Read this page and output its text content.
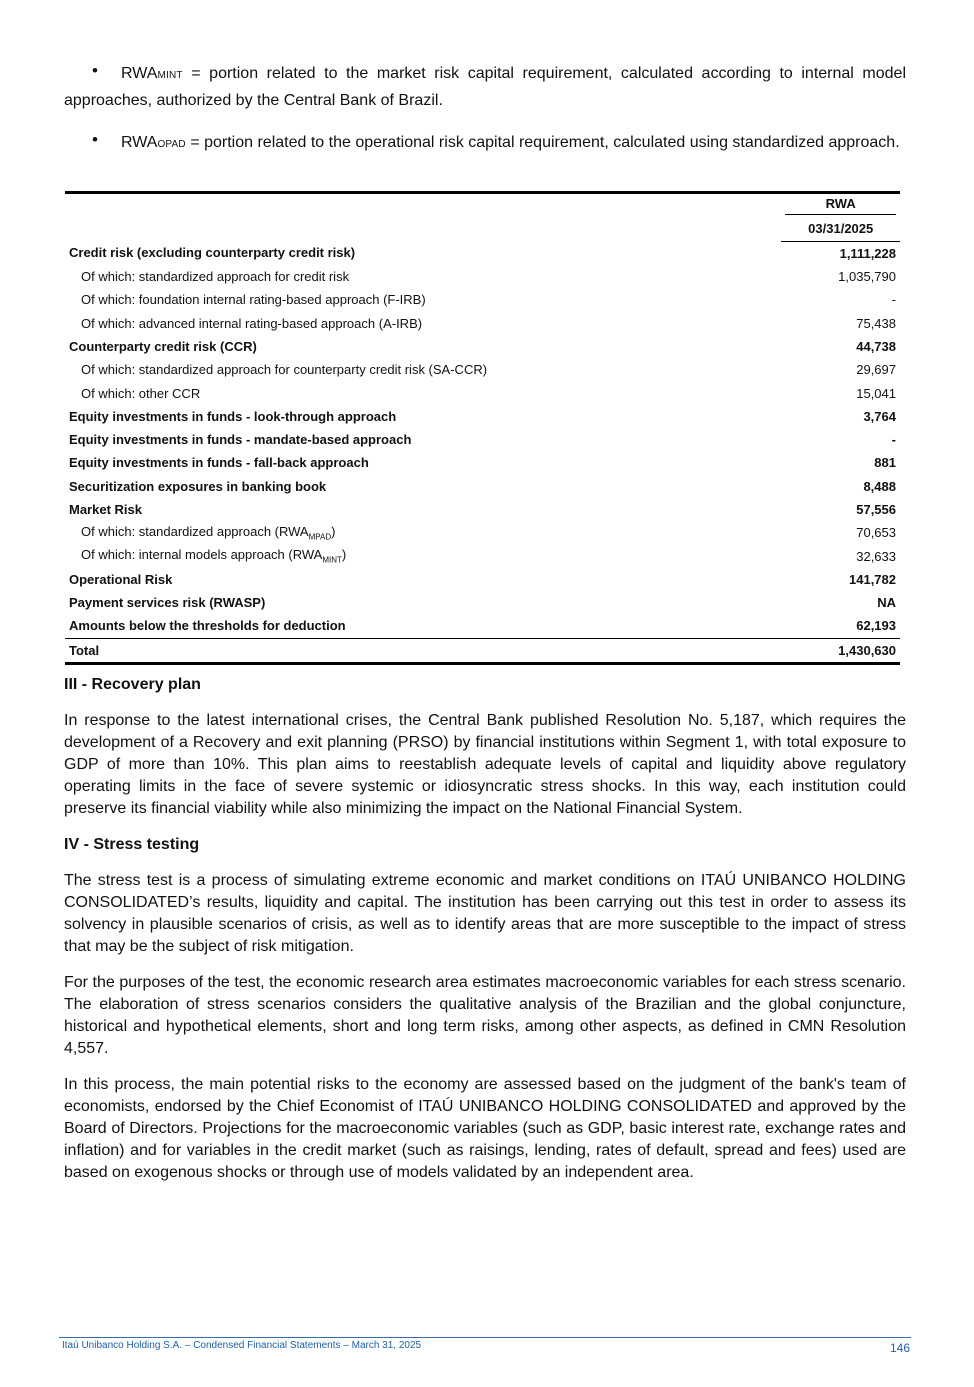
• RWAMINT = portion related to the market risk capital requirement, calculated according to internal model approaches, authorized by the Central Bank of Brazil.
• RWAOPAD = portion related to the operational risk capital requirement, calculated using standardized approach.

	RWA

	03/31/2025
Credit risk (excluding counterparty credit risk)	1,111,228
Of which: standardized approach for credit risk	1,035,790
Of which: foundation internal rating-based approach (F-IRB)	-
Of which: advanced internal rating-based approach (A-IRB)	75,438
Counterparty credit risk (CCR)	44,738
Of which: standardized approach for counterparty credit risk (SA-CCR)	29,697
Of which: other CCR	15,041
Equity investments in funds - look-through approach	3,764
Equity investments in funds - mandate-based approach	-
Equity investments in funds - fall-back approach	881
Securitization exposures in banking book	8,488
Market Risk	57,556
Of which: standardized approach $(RWA_{MPAD})$	70,653
Of which: internal models approach $(RWA_{MINT})$	32,633
Operational Risk	141,782
Payment services risk (RWASP)	NA
Amounts below the thresholds for deduction	62,193
Total	1,430,630
III - Recovery plan
In response to the latest international crises, the Central Bank published Resolution No. 5,187, which requires the development of a Recovery and exit planning (PRSO) by financial institutions within Segment 1, with total exposure to GDP of more than 10%. This plan aims to reestablish adequate levels of capital and liquidity above regulatory operating limits in the face of severe systemic or idiosyncratic stress shocks. In this way, each institution could preserve its financial viability while also minimizing the impact on the National Financial System.
IV - Stress testing
The stress test is a process of simulating extreme economic and market conditions on ITAÚ UNIBANCO HOLDING CONSOLIDATED’s results, liquidity and capital. The institution has been carrying out this test in order to assess its solvency in plausible scenarios of crisis, as well as to identify areas that are more susceptible to the impact of stress that may be the subject of risk mitigation.
For the purposes of the test, the economic research area estimates macroeconomic variables for each stress scenario. The elaboration of stress scenarios considers the qualitative analysis of the Brazilian and the global conjuncture, historical and hypothetical elements, short and long term risks, among other aspects, as defined in CMN Resolution 4,557.
In this process, the main potential risks to the economy are assessed based on the judgment of the bank's team of economists, endorsed by the Chief Economist of ITAÚ UNIBANCO HOLDING CONSOLIDATED and approved by the Board of Directors. Projections for the macroeconomic variables (such as GDP, basic interest rate, exchange rates and inflation) and for variables in the credit market (such as raisings, lending, rates of default, spread and fees) used are based on exogenous shocks or through use of models validated by an independent area.
Itaú Unibanco Holding S.A. – Condensed Financial Statements – March 31, 2025	146
